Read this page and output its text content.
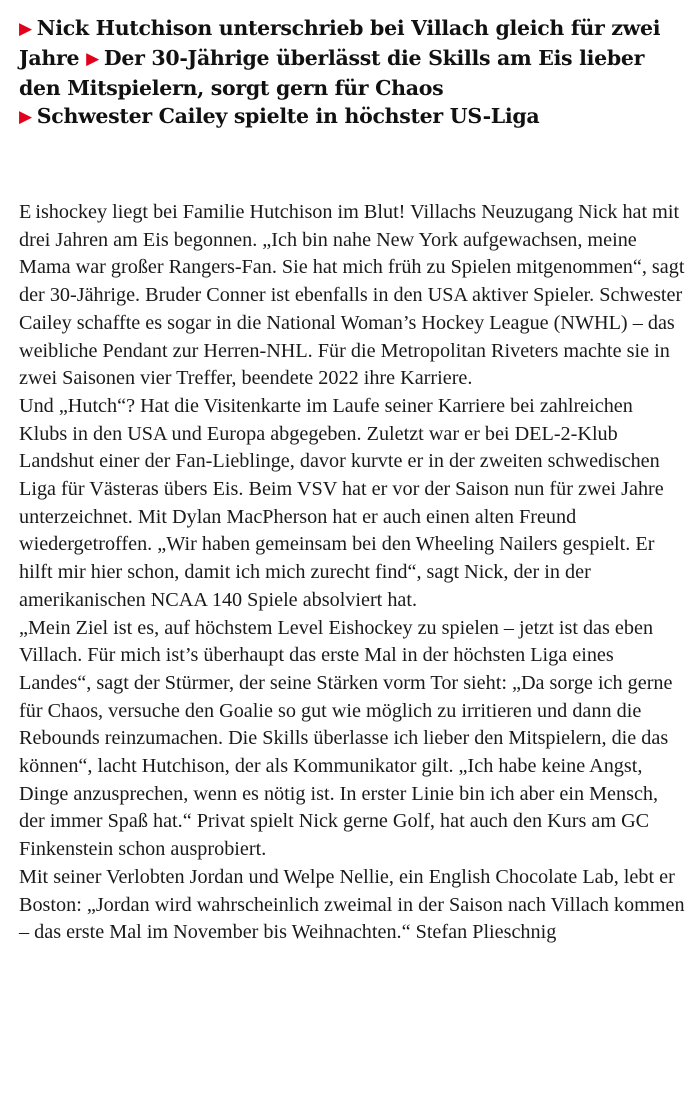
▶ Nick Hutchison unterschrieb bei Villach gleich für zwei Jahre ▶ Der 30-Jährige überlässt die Skills am Eis lieber den Mitspielern, sorgt gern für Chaos
▶ Schwester Cailey spielte in höchster US-Liga

E ishockey liegt bei Familie Hutchison im Blut! Villachs Neuzugang Nick hat mit drei Jahren am Eis begonnen. „Ich bin nahe New York aufgewachsen, meine Mama war großer Rangers-Fan. Sie hat mich früh zu Spielen mitgenommen“, sagt der 30-Jährige. Bruder Conner ist ebenfalls in den USA aktiver Spieler. Schwester Cailey schaffte es sogar in die National Woman’s Hockey League (NWHL) – das weibliche Pendant zur Herren-NHL. Für die Metropolitan Riveters machte sie in zwei Saisonen vier Treffer, beendete 2022 ihre Karriere.

Und „Hutch“? Hat die Visitenkarte im Laufe seiner Karriere bei zahlreichen Klubs in den USA und Europa abgegeben. Zuletzt war er bei DEL-2-Klub Landshut einer der Fan-Lieblinge, davor kurvte er in der zweiten schwedischen Liga für Västeras übers Eis. Beim VSV hat er vor der Saison nun für zwei Jahre unterzeichnet. Mit Dylan MacPherson hat er auch einen alten Freund wiedergetroffen. „Wir haben gemeinsam bei den Wheeling Nailers gespielt. Er hilft mir hier schon, damit ich mich zurecht find“, sagt Nick, der in der amerikanischen NCAA 140 Spiele absolviert hat.

„Mein Ziel ist es, auf höchstem Level Eishockey zu spielen – jetzt ist das eben Villach. Für mich ist’s überhaupt das erste Mal in der höchsten Liga eines Landes“, sagt der Stürmer, der seine Stärken vorm Tor sieht: „Da sorge ich gerne für Chaos, versuche den Goalie so gut wie möglich zu irritieren und dann die Rebounds reinzumachen. Die Skills überlasse ich lieber den Mitspielern, die das können“, lacht Hutchison, der als Kommunikator gilt. „Ich habe keine Angst, Dinge anzusprechen, wenn es nötig ist. In erster Linie bin ich aber ein Mensch, der immer Spaß hat.“ Privat spielt Nick gerne Golf, hat auch den Kurs am GC Finkenstein schon ausprobiert.

Mit seiner Verlobten Jordan und Welpe Nellie, ein English Chocolate Lab, lebt er Boston: „Jordan wird wahrscheinlich zweimal in der Saison nach Villach kommen – das erste Mal im November bis Weihnachten.“ Stefan Plieschnig
